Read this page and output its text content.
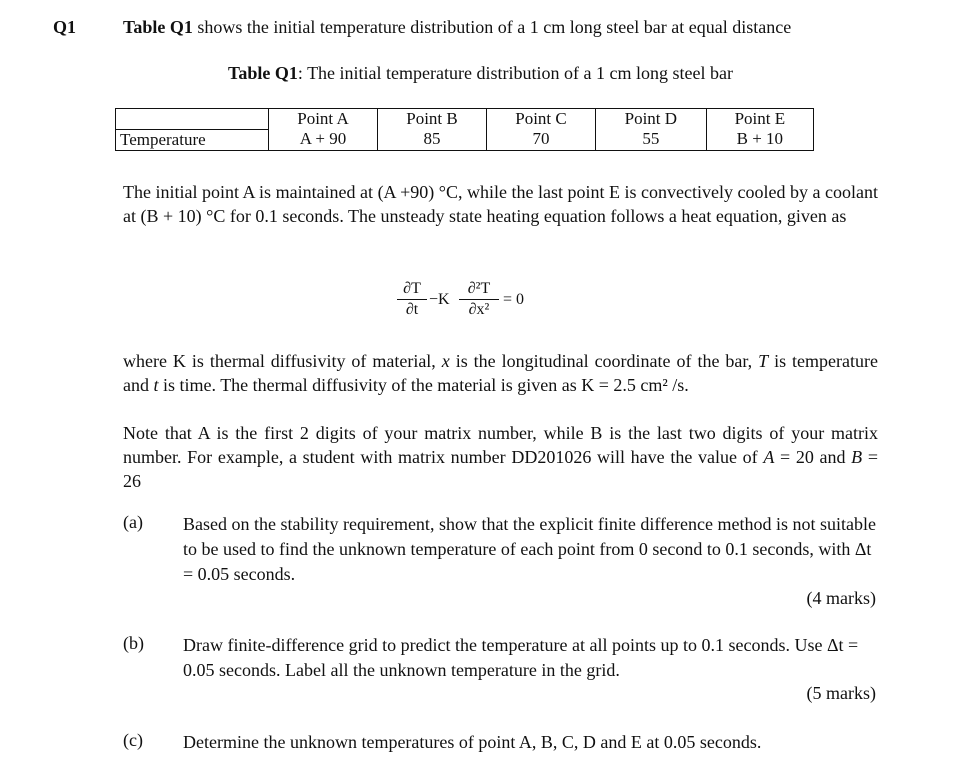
Q1	Table Q1 shows the initial temperature distribution of a 1 cm long steel bar at equal distance
Table Q1: The initial temperature distribution of a 1 cm long steel bar
	Point A	Point B	Point C	Point D	Point E
Temperature	A + 90	85	70	55	B + 10
The initial point A is maintained at (A +90) °C, while the last point E is convectively cooled by a coolant at (B + 10) °C for 0.1 seconds. The unsteady state heating equation follows a heat equation, given as
∂T
∂t
−K
∂²T
∂x²
= 0
where K is thermal diffusivity of material, x is the longitudinal coordinate of the bar, T is temperature and t is time. The thermal diffusivity of the material is given as K = 2.5 cm² /s.
Note that A is the first 2 digits of your matrix number, while B is the last two digits of your matrix number. For example, a student with matrix number DD201026 will have the value of A = 20 and B = 26
(a) Based on the stability requirement, show that the explicit finite difference method is not suitable to be used to find the unknown temperature of each point from 0 second to 0.1 seconds, with Δt = 0.05 seconds.
(4 marks)
(b) Draw finite-difference grid to predict the temperature at all points up to 0.1 seconds. Use Δt = 0.05 seconds. Label all the unknown temperature in the grid.
(5 marks)
(c) Determine the unknown temperatures of point A, B, C, D and E at 0.05 seconds.
